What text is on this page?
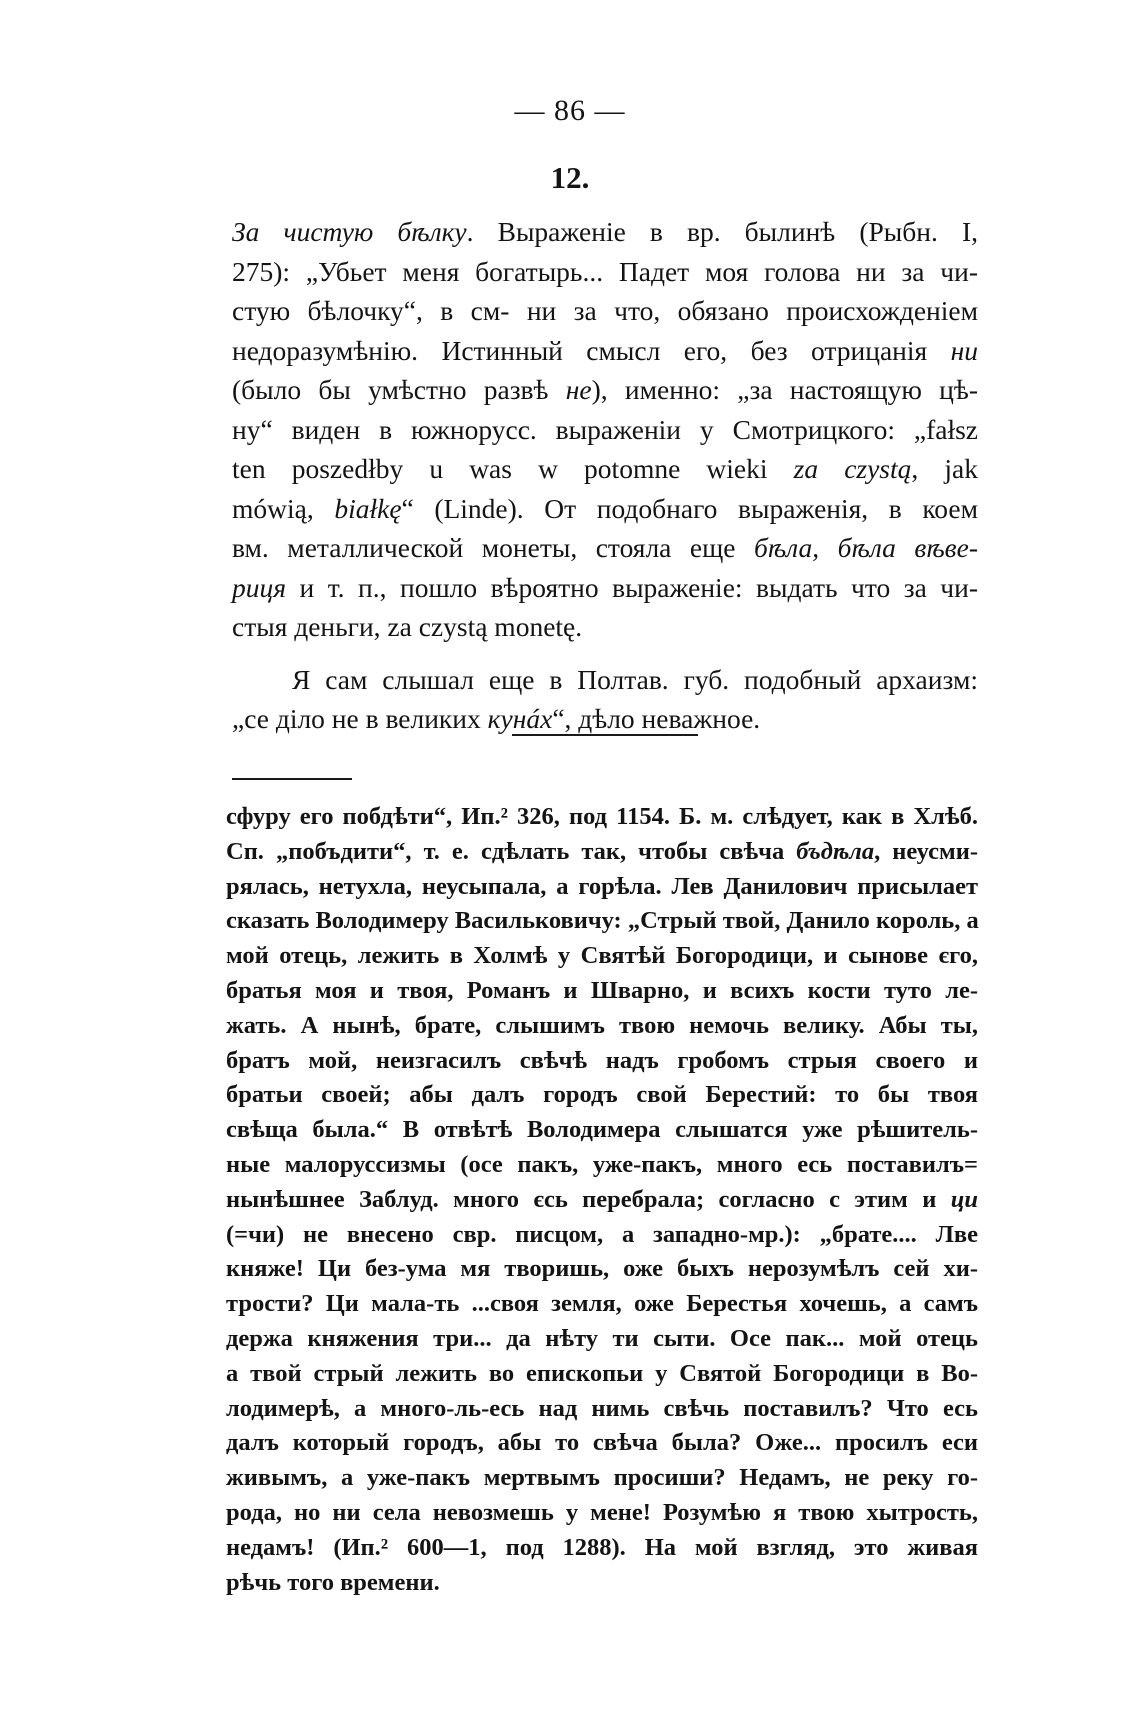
— 86 —
12.
За чистую бѣлку. Выраженіе в вр. былинѣ (Рыбн. I,
275): „Убьет меня богатырь... Падет моя голова ни за чи-
стую бѣлочку“, в см- ни за что, обязано происхожденіем
недоразумѣнію. Истинный смысл его, без отрицанія ни
(было бы умѣстно развѣ не), именно: „за настоящую цѣ-
ну“ виден в южнорусс. выраженіи у Смотрицкого: „fałsz
ten poszedłby u was w potomne wieki za czystą, jak
mówią, białkę“ (Linde). От подобнаго выраженія, в коем
вм. металлической монеты, стояла еще бѣла, бѣла вѣве-
риця и т. п., пошло вѣроятно выраженіе: выдать что за чи-
стыя деньги, za czystą monetę.
Я сам слышал еще в Полтав. губ. подобный архаизм:
„се діло не в великих кунáх“, дѣло неважное.
сфуру его побдѣти“, Ип.² 326, под 1154. Б. м. слѣдует, как в Хлѣб.
Сп. „побъдити“, т. е. сдѣлать так, чтобы свѣча бъдѣла, неусми-
рялась, нетухла, неусыпала, а горѣла. Лев Данилович присылает
сказать Володимеру Васильковичу: „Стрый твой, Данило король, а
мой отець, лежить в Холмѣ у Святѣй Богородици, и сынове єго,
братья моя и твоя, Романъ и Шварно, и всихъ кости туто ле-
жать. А нынѣ, брате, слышимъ твою немочь велику. Абы ты,
братъ мой, неизгасилъ свѣчѣ надъ гробомъ стрыя своего и
братьи своей; абы далъ городъ свой Берестий: то бы твоя
свѣща была.“ В отвѣтѣ Володимера слышатся уже рѣшитель-
ные малоруссизмы (осе пакъ, уже-пакъ, много есь поставилъ=
нынѣшнее Заблуд. много єсь перебрала; согласно с этим и ци
(=чи) не внесено свр. писцом, а западно-мр.): „брате.... Лве
княже! Ци без-ума мя творишь, оже быхъ нерозумѣлъ сей хи-
трости? Ци мала-ть ...своя земля, оже Берестья хочешь, а самъ
держа княжения три... да нѣту ти сыти. Осе пак... мой отець
а твой стрый лежить во епископьи у Святой Богородици в Во-
лодимерѣ, а много-ль-есь над нимь свѣчь поставилъ? Что есь
далъ который городъ, абы то свѣча была? Оже... просилъ еси
живымъ, а уже-пакъ мертвымъ просиши? Недамъ, не реку го-
рода, но ни села невозмешь у мене! Розумѣю я твою хытрость,
недамъ! (Ип.² 600—1, под 1288). На мой взгляд, это живая
рѣчь того времени.
